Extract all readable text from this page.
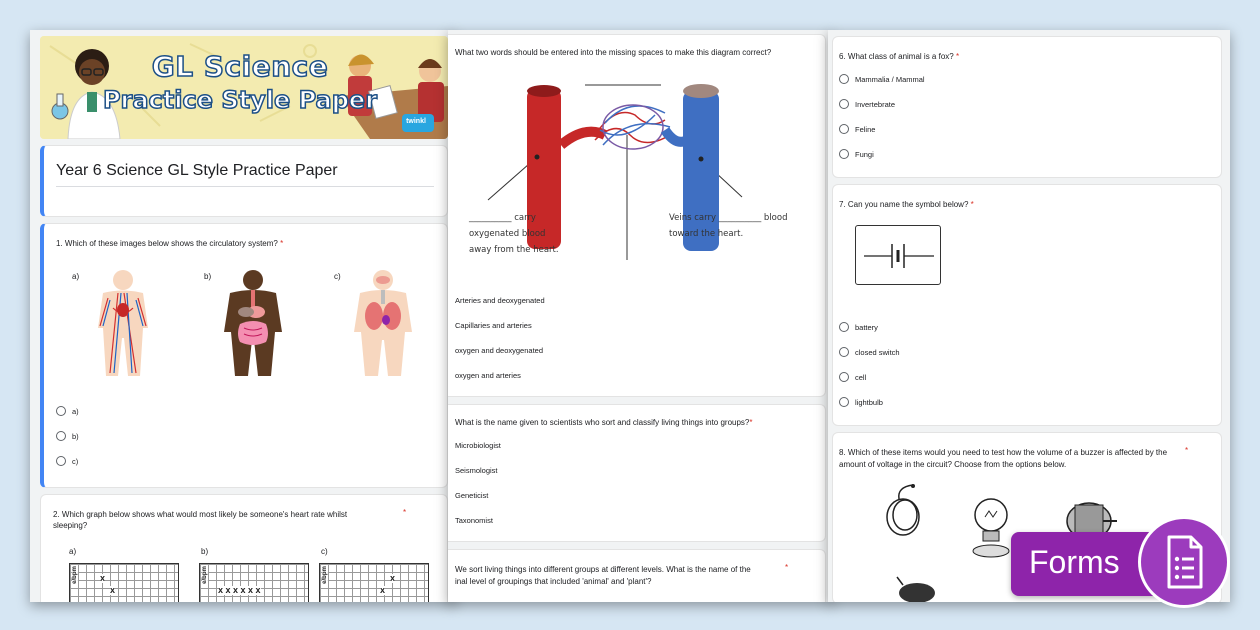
GL Science
Practice Style Paper
twinkl
Year 6 Science GL Style Practice Paper
1. Which of these images below shows the circulatory system? *
a)	b)	c)
a)
b)
c)
2. Which graph below shows what would most likely be someone's heart rate whilst
sleeping?
*
a)	b)	c)
e/bpm x
x
e/bpm
x x x x x x
e/bpm	x
x
What two words should be entered into the missing spaces to make this diagram correct?
__________ carry
oxygenated blood
away from the heart.
Veins carry __________ blood
toward the heart.
Arteries and deoxygenated
Capillaries and arteries
oxygen and deoxygenated
oxygen and arteries
What is the name given to scientists who sort and classify living things into groups?*
Microbiologist
Seismologist
Geneticist
Taxonomist
We sort living things into different groups at different levels. What is the name of the
inal level of groupings that included 'animal' and 'plant'?
*
6. What class of animal is a fox? *
Mammalia / Mammal
Invertebrate
Feline
Fungi
7. Can you name the symbol below? *
battery
closed switch
cell
lightbulb
8. Which of these items would you need to test how the volume of a buzzer is affected by the
amount of voltage in the circuit? Choose from the options below.
*
Forms
